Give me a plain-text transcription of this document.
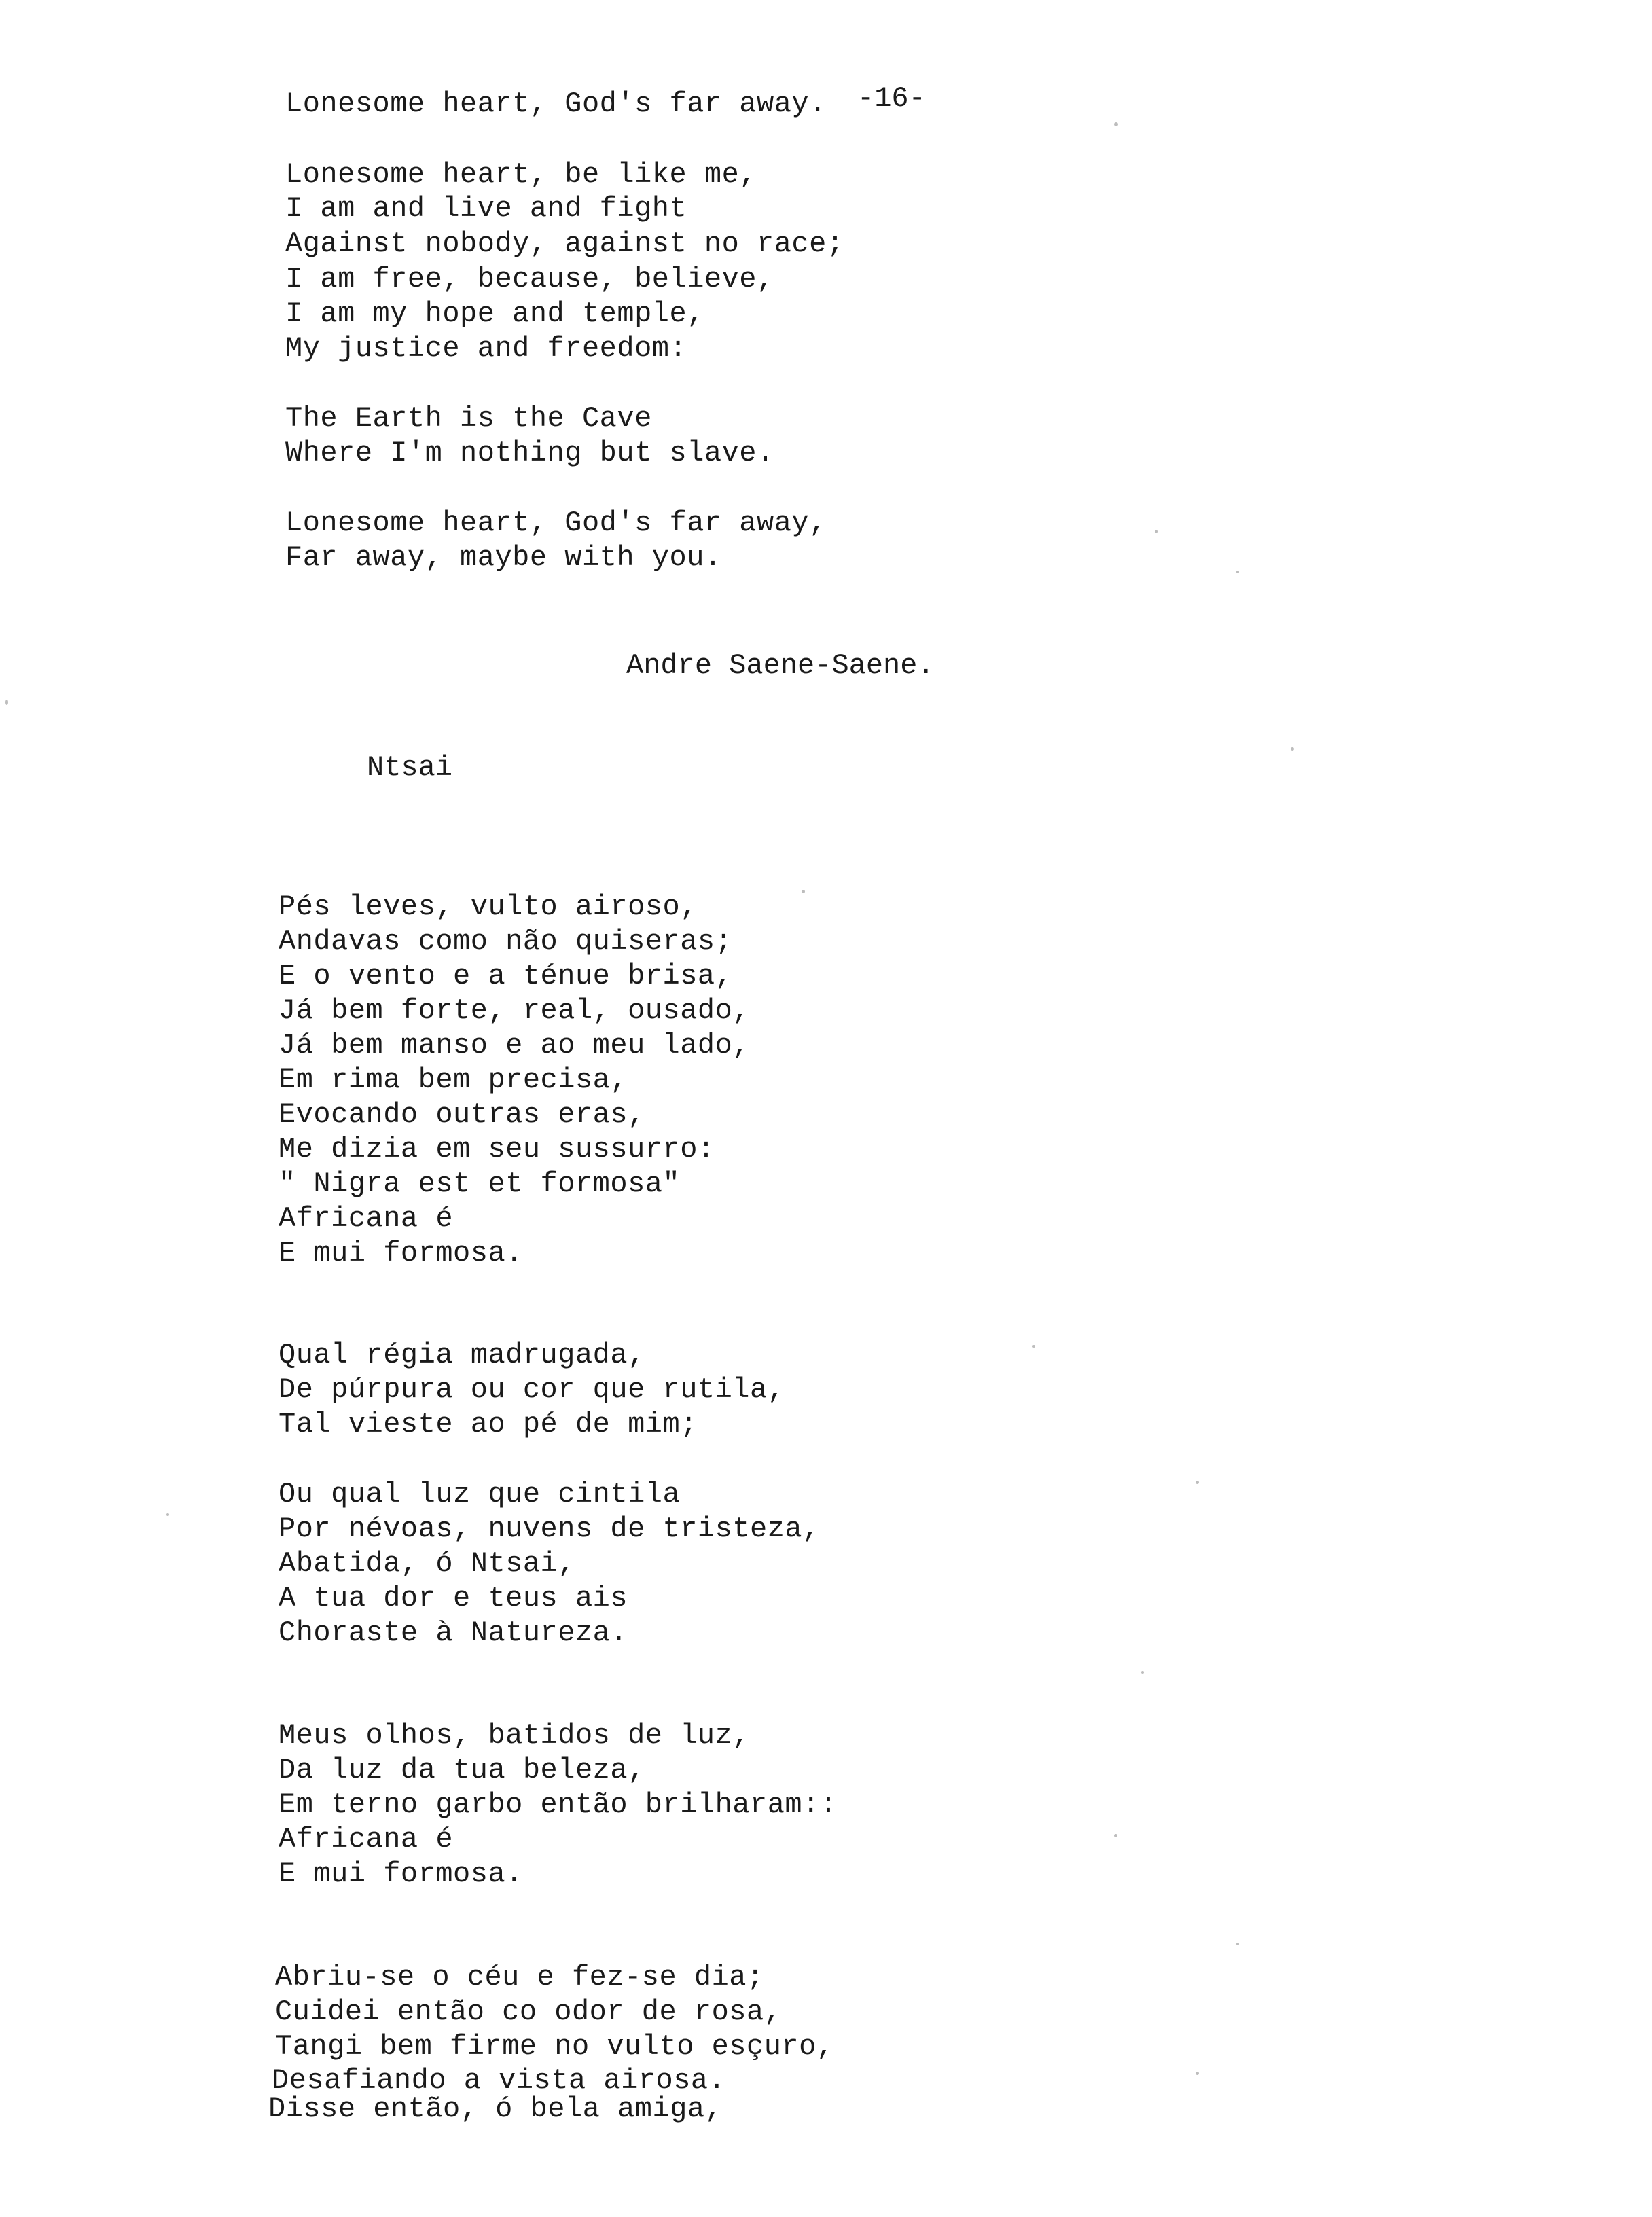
-16-
Lonesome heart, God's far away.
Lonesome heart, be like me,
I am and live and fight
Against nobody, against no race;
I am free, because, believe,
I am my hope and temple,
My justice and freedom:
The Earth is the Cave
Where I'm nothing but slave.
Lonesome heart, God's far away,
Far away, maybe with you.
Andre Saene-Saene.
Ntsai
Pés leves, vulto airoso,
Andavas como não quiseras;
E o vento e a ténue brisa,
Já bem forte, real, ousado,
Já bem manso e ao meu lado,
Em rima bem precisa,
Evocando outras eras,
Me dizia em seu sussurro:
" Nigra est et formosa"
Africana é
E mui formosa.
Qual régia madrugada,
De púrpura ou cor que rutila,
Tal vieste ao pé de mim;
Ou qual luz que cintila
Por névoas, nuvens de tristeza,
Abatida, ó Ntsai,
A tua dor e teus ais
Choraste à Natureza.
Meus olhos, batidos de luz,
Da luz da tua beleza,
Em terno garbo então brilharam::
Africana é
E mui formosa.
Abriu-se o céu e fez-se dia;
Cuidei então co odor de rosa,
Tangi bem firme no vulto esçuro,
Desafiando a vista airosa.
Disse então, ó bela amiga,
